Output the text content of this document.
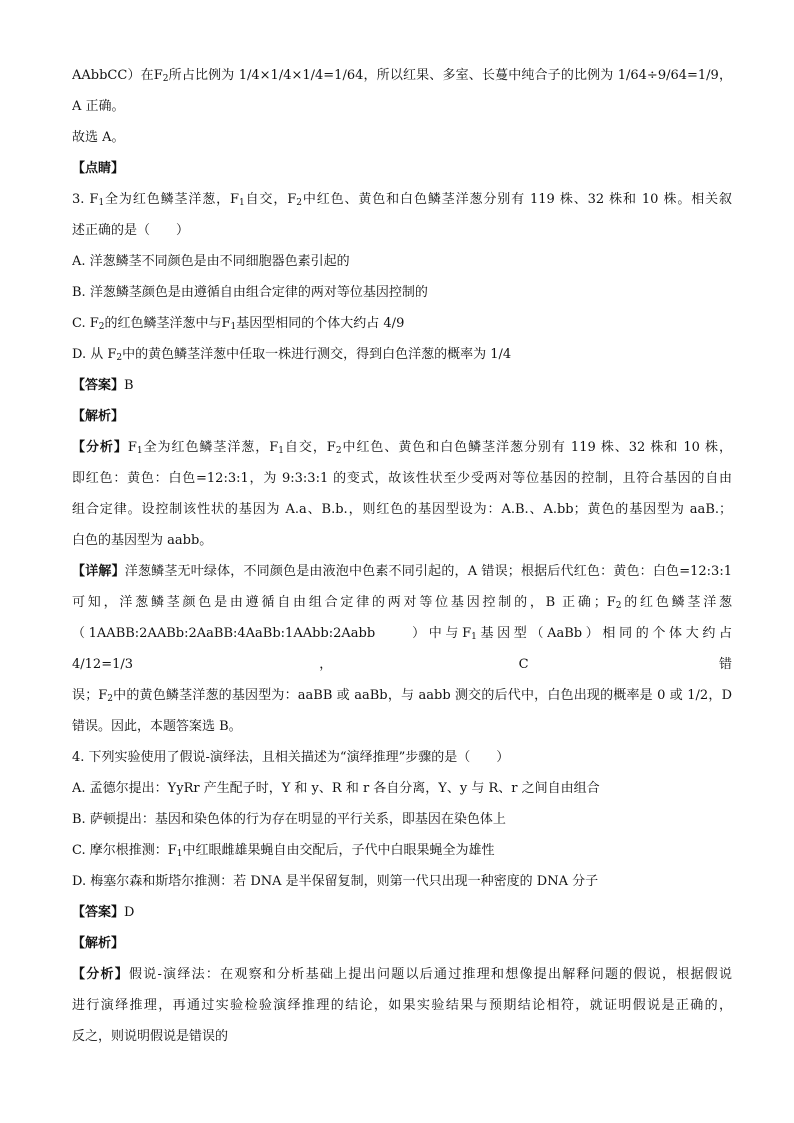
AAbbCC）在$F_2$所占比例为 1/4×1/4×1/4=1/64，所以红果、多室、长蔓中纯合子的比例为 1/64÷9/64=1/9，
A 正确。
故选 A。
【点睛】
3. $F_1$全为红色鳞茎洋葱，$F_1$自交，$F_2$中红色、黄色和白色鳞茎洋葱分别有 119 株、32 株和 10 株。相关叙
述正确的是（　　）
A. 洋葱鳞茎不同颜色是由不同细胞器色素引起的
B. 洋葱鳞茎颜色是由遵循自由组合定律的两对等位基因控制的
C. $F_2$的红色鳞茎洋葱中与$F_1$基因型相同的个体大约占 4/9
D. 从 $F_2$中的黄色鳞茎洋葱中任取一株进行测交，得到白色洋葱的概率为 1/4
【答案】B
【解析】
【分析】$F_1$全为红色鳞茎洋葱，$F_1$自交，$F_2$中红色、黄色和白色鳞茎洋葱分别有 119 株、32 株和 10 株，
即红色：黄色：白色=12:3:1，为 9:3:3:1 的变式，故该性状至少受两对等位基因的控制，且符合基因的自由
组合定律。设控制该性状的基因为 A.a、B.b.，则红色的基因型设为：A.B.、A.bb；黄色的基因型为 aaB.；
白色的基因型为 aabb。
【详解】洋葱鳞茎无叶绿体，不同颜色是由液泡中色素不同引起的，A 错误；根据后代红色：黄色：白色=12:3:1
可知，洋葱鳞茎颜色是由遵循自由组合定律的两对等位基因控制的，B 正确；$F_2$的红色鳞茎洋葱
（1AABB:2AABb:2AaBB:4AaBb:1AAbb:2Aabb　　）中与$F_1$基因型（AaBb）相同的个体大约占 4/12=1/3，C 错
误；$F_2$中的黄色鳞茎洋葱的基因型为：aaBB 或 aaBb，与 aabb 测交的后代中，白色出现的概率是 0 或 1/2，D
错误。因此，本题答案选 B。
4. 下列实验使用了假说-演绎法，且相关描述为“演绎推理”步骤的是（　　）
A. 孟德尔提出：YyRr 产生配子时，Y 和 y、R 和 r 各自分离，Y、y 与 R、r 之间自由组合
B. 萨顿提出：基因和染色体的行为存在明显的平行关系，即基因在染色体上
C. 摩尔根推测：$F_1$中红眼雌雄果蝇自由交配后，子代中白眼果蝇全为雄性
D. 梅塞尔森和斯塔尔推测：若 DNA 是半保留复制，则第一代只出现一种密度的 DNA 分子
【答案】D
【解析】
【分析】假说-演绎法：在观察和分析基础上提出问题以后通过推理和想像提出解释问题的假说，根据假说
进行演绎推理，再通过实验检验演绎推理的结论，如果实验结果与预期结论相符，就证明假说是正确的，
反之，则说明假说是错误的
